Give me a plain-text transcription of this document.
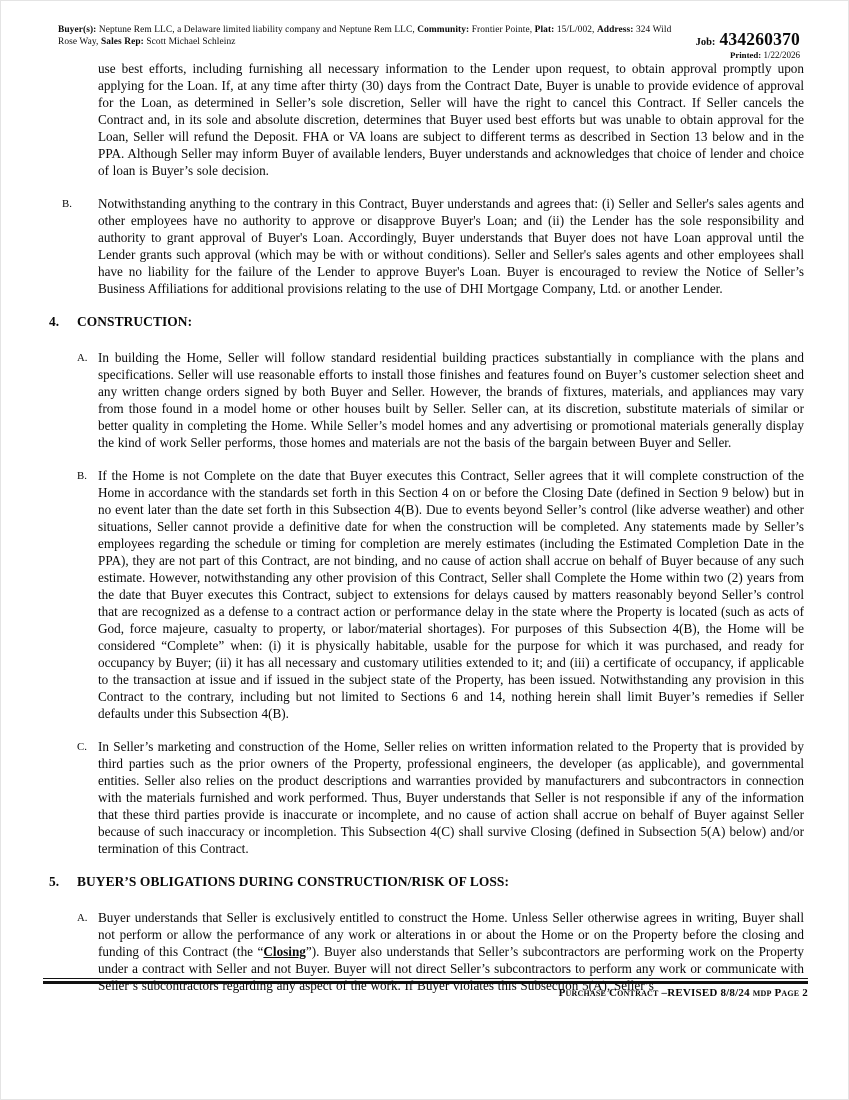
Buyer(s): Neptune Rem LLC, a Delaware limited liability company and Neptune Rem LLC, Community: Frontier Pointe, Plat: 15/L/002, Address: 324 Wild Rose Way, Sales Rep: Scott Michael Schleinz	Job: 434260370
Printed: 1/22/2026

use best efforts, including furnishing all necessary information to the Lender upon request, to obtain approval promptly upon applying for the Loan. If, at any time after thirty (30) days from the Contract Date, Buyer is unable to provide evidence of approval for the Loan, as determined in Seller’s sole discretion, Seller will have the right to cancel this Contract. If Seller cancels the Contract and, in its sole and absolute discretion, determines that Buyer used best efforts but was unable to obtain approval for the Loan, Seller will refund the Deposit. FHA or VA loans are subject to different terms as described in Section 13 below and in the PPA. Although Seller may inform Buyer of available lenders, Buyer understands and acknowledges that choice of lender and choice of loan is Buyer’s sole decision.

B.	Notwithstanding anything to the contrary in this Contract, Buyer understands and agrees that: (i) Seller and Seller's sales agents and other employees have no authority to approve or disapprove Buyer's Loan; and (ii) the Lender has the sole responsibility and authority to grant approval of Buyer's Loan. Accordingly, Buyer understands that Buyer does not have Loan approval until the Lender grants such approval (which may be with or without conditions). Seller and Seller's sales agents and other employees shall have no liability for the failure of the Lender to approve Buyer's Loan. Buyer is encouraged to review the Notice of Seller’s Business Affiliations for additional provisions relating to the use of DHI Mortgage Company, Ltd. or another Lender.

4.	CONSTRUCTION:
A. In building the Home, Seller will follow standard residential building practices substantially in compliance with the plans and specifications. Seller will use reasonable efforts to install those finishes and features found on Buyer’s customer selection sheet and any written change orders signed by both Buyer and Seller. However, the brands of fixtures, materials, and appliances may vary from those found in a model home or other houses built by Seller. Seller can, at its discretion, substitute materials of similar or better quality in completing the Home. While Seller’s model homes and any advertising or promotional materials generally display the kind of work Seller performs, those homes and materials are not the basis of the bargain between Buyer and Seller.

B. If the Home is not Complete on the date that Buyer executes this Contract, Seller agrees that it will complete construction of the Home in accordance with the standards set forth in this Section 4 on or before the Closing Date (defined in Section 9 below) but in no event later than the date set forth in this Subsection 4(B). Due to events beyond Seller’s control (like adverse weather) and other situations, Seller cannot provide a definitive date for when the construction will be completed. Any statements made by Seller’s employees regarding the schedule or timing for completion are merely estimates (including the Estimated Completion Date in the PPA), they are not part of this Contract, are not binding, and no cause of action shall accrue on behalf of Buyer because of any such estimate. However, notwithstanding any other provision of this Contract, Seller shall Complete the Home within two (2) years from the date that Buyer executes this Contract, subject to extensions for delays caused by matters reasonably beyond Seller’s control that are recognized as a defense to a contract action or performance delay in the state where the Property is located (such as acts of God, force majeure, casualty to property, or labor/material shortages). For purposes of this Subsection 4(B), the Home will be considered “Complete” when: (i) it is physically habitable, usable for the purpose for which it was purchased, and ready for occupancy by Buyer; (ii) it has all necessary and customary utilities extended to it; and (iii) a certificate of occupancy, if applicable to the transaction at issue and if issued in the subject state of the Property, has been issued. Notwithstanding any provision in this Contract to the contrary, including but not limited to Sections 6 and 14, nothing herein shall limit Buyer’s remedies if Seller defaults under this Subsection 4(B).

C. In Seller’s marketing and construction of the Home, Seller relies on written information related to the Property that is provided by third parties such as the prior owners of the Property, professional engineers, the developer (as applicable), and governmental entities. Seller also relies on the product descriptions and warranties provided by manufacturers and subcontractors in connection with the materials furnished and work performed. Thus, Buyer understands that Seller is not responsible if any of the information that these third parties provide is inaccurate or incomplete, and no cause of action shall accrue on behalf of Buyer against Seller because of such inaccuracy or incompletion. This Subsection 4(C) shall survive Closing (defined in Subsection 5(A) below) and/or termination of this Contract.

5.	BUYER’S OBLIGATIONS DURING CONSTRUCTION/RISK OF LOSS:
A. Buyer understands that Seller is exclusively entitled to construct the Home. Unless Seller otherwise agrees in writing, Buyer shall not perform or allow the performance of any work or alterations in or about the Home or on the Property before the closing and funding of this Contract (the “Closing”). Buyer also understands that Seller’s subcontractors are performing work on the Property under a contract with Seller and not Buyer. Buyer will not direct Seller’s subcontractors to perform any work or communicate with Seller’s subcontractors regarding any aspect of the work. If Buyer violates this Subsection 5(A), Seller’s

Purchase Contract –REVISED 8/8/24 mdp Page 2
